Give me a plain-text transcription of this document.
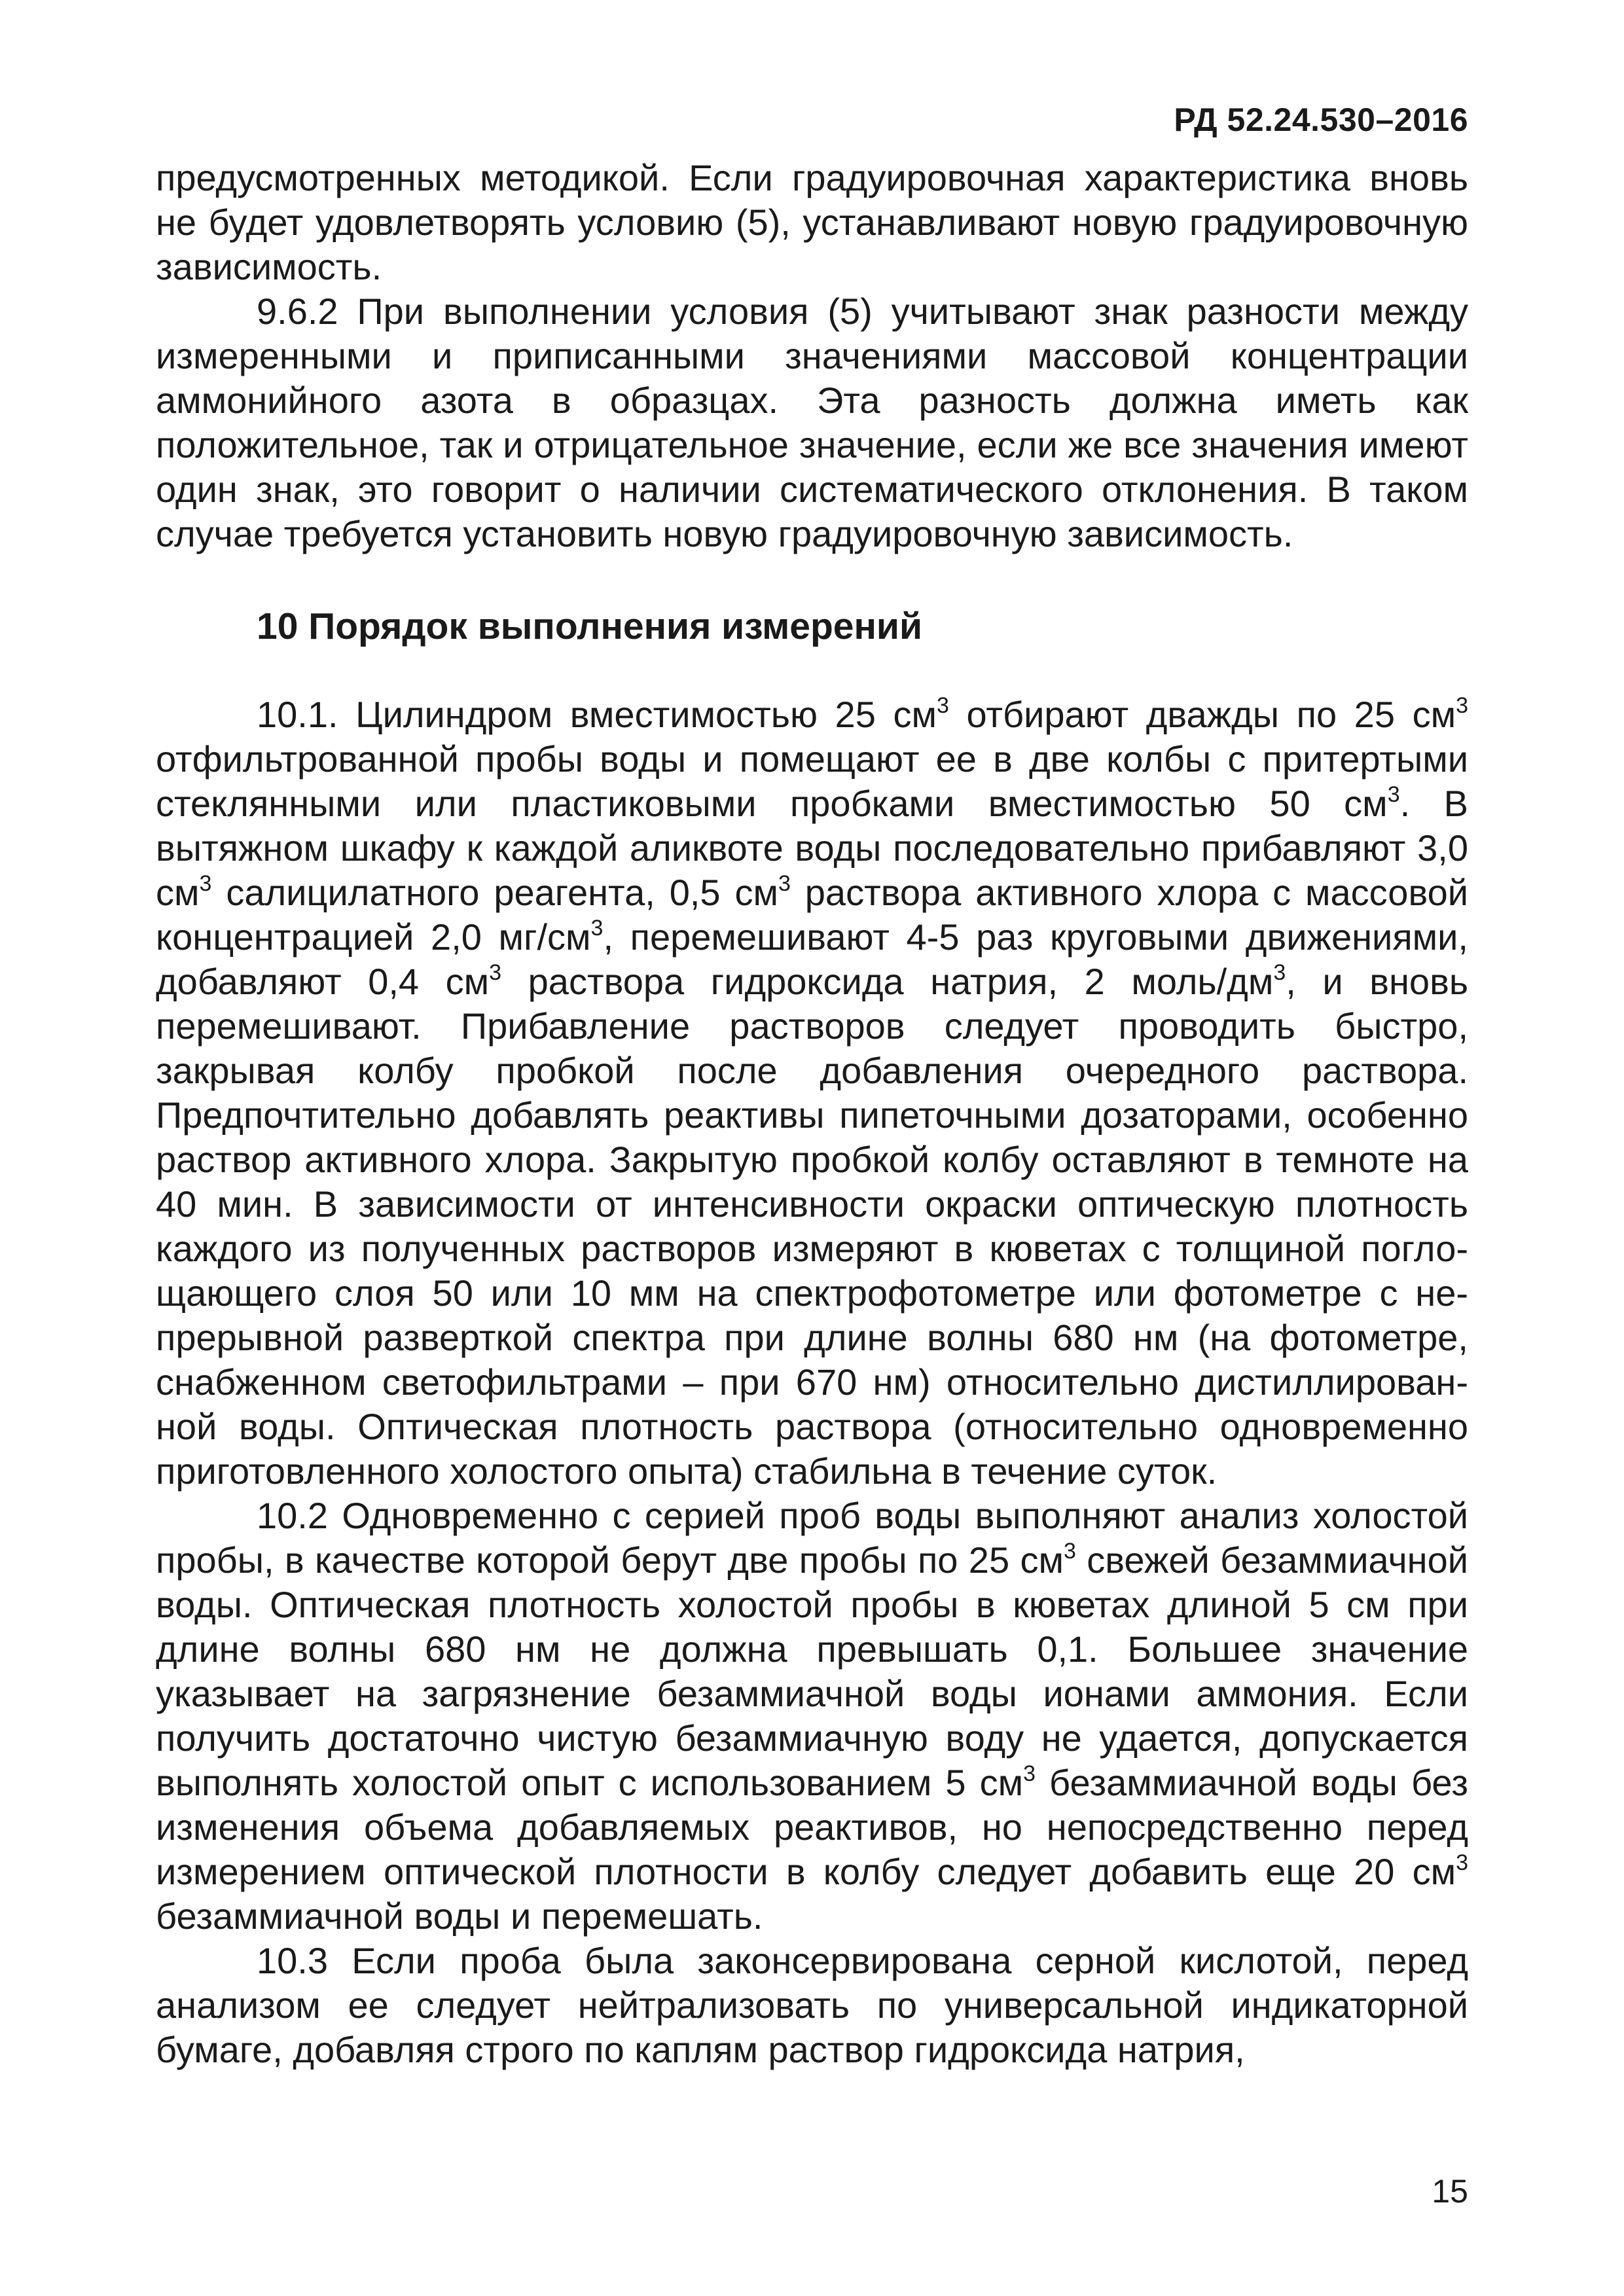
РД 52.24.530–2016

предусмотренных методикой. Если градуировочная характеристика вновь не будет удовлетворять условию (5), устанавливают новую градуировочную зависимость.

9.6.2 При выполнении условия (5) учитывают знак разности между измеренными и приписанными значениями массовой концентрации аммонийного азота в образцах. Эта разность должна иметь как положительное, так и отрицательное значение, если же все значения имеют один знак, это говорит о наличии систематического отклонения. В таком случае требуется установить новую градуировочную зависимость.

10 Порядок выполнения измерений

10.1. Цилиндром вместимостью 25 $см^3$ отбирают дважды по 25 $см^3$ отфильтрованной пробы воды и помещают ее в две колбы с притертыми стеклянными или пластиковыми пробками вместимостью 50 $см^3$. В вытяжном шкафу к каждой аликвоте воды последовательно прибавляют 3,0 $см^3$ салицилатного реагента, 0,5 $см^3$ раствора активного хлора с массовой концентрацией 2,0 $мг/см^3$, перемешивают 4-5 раз круговыми движениями, добавляют 0,4 $см^3$ раствора гидроксида натрия, 2 моль/$дм^3$, и вновь перемешивают. Прибавление растворов следует проводить быстро, закрывая колбу пробкой после добавления очередного раствора. Предпочтительно добавлять реактивы пипеточными дозаторами, особенно раствор активного хлора. Закрытую пробкой колбу оставляют в темноте на 40 мин. В зависимости от интенсивности окраски оптическую плотность каждого из полученных растворов измеряют в кюветах с толщиной поглощающего слоя 50 или 10 мм на спектрофотометре или фотометре с непрерывной разверткой спектра при длине волны 680 нм (на фотометре, снабженном светофильтрами – при 670 нм) относительно дистиллированной воды. Оптическая плотность раствора (относительно одновременно приготовленного холостого опыта) стабильна в течение суток.

10.2 Одновременно с серией проб воды выполняют анализ холостой пробы, в качестве которой берут две пробы по 25 $см^3$ свежей безаммиачной воды. Оптическая плотность холостой пробы в кюветах длиной 5 см при длине волны 680 нм не должна превышать 0,1. Большее значение указывает на загрязнение безаммиачной воды ионами аммония. Если получить достаточно чистую безаммиачную воду не удается, допускается выполнять холостой опыт с использованием 5 $см^3$ безаммиачной воды без изменения объема добавляемых реактивов, но непосредственно перед измерением оптической плотности в колбу следует добавить еще 20 $см^3$ безаммиачной воды и перемешать.

10.3 Если проба была законсервирована серной кислотой, перед анализом ее следует нейтрализовать по универсальной индикаторной бумаге, добавляя строго по каплям раствор гидроксида натрия,

15
